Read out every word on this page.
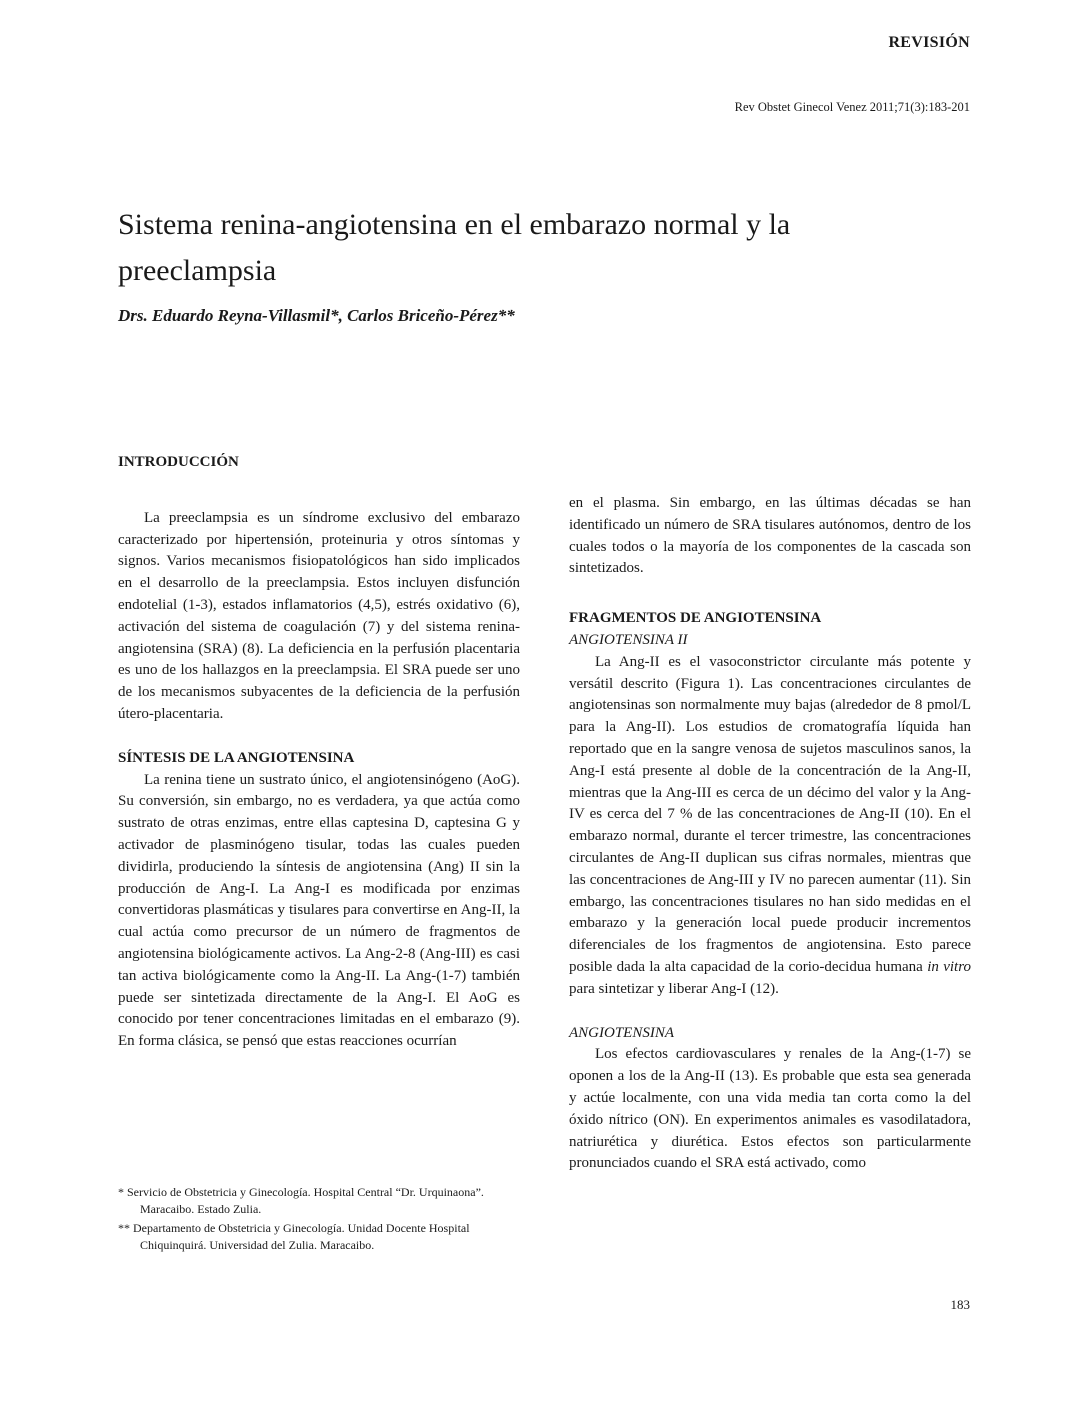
REVISIÓN
Rev Obstet Ginecol Venez 2011;71(3):183-201
Sistema renina-angiotensina en el embarazo normal y la preeclampsia
Drs. Eduardo Reyna-Villasmil*, Carlos Briceño-Pérez**
INTRODUCCIÓN

La preeclampsia es un síndrome exclusivo del embarazo caracterizado por hipertensión, proteinuria y otros síntomas y signos. Varios mecanismos fisiopatológicos han sido implicados en el desarrollo de la preeclampsia. Estos incluyen disfunción endotelial (1-3), estados inflamatorios (4,5), estrés oxidativo (6), activación del sistema de coagulación (7) y del sistema renina-angiotensina (SRA) (8). La deficiencia en la perfusión placentaria es uno de los hallazgos en la preeclampsia. El SRA puede ser uno de los mecanismos subyacentes de la deficiencia de la perfusión útero-placentaria.

SÍNTESIS DE LA ANGIOTENSINA

La renina tiene un sustrato único, el angiotensinógeno (AoG). Su conversión, sin embargo, no es verdadera, ya que actúa como sustrato de otras enzimas, entre ellas captesina D, captesina G y activador de plasminógeno tisular, todas las cuales pueden dividirla, produciendo la síntesis de angiotensina (Ang) II sin la producción de Ang-I. La Ang-I es modificada por enzimas convertidoras plasmáticas y tisulares para convertirse en Ang-II, la cual actúa como precursor de un número de fragmentos de angiotensina biológicamente activos. La Ang-2-8 (Ang-III) es casi tan activa biológicamente como la Ang-II. La Ang-(1-7) también puede ser sintetizada directamente de la Ang-I. El AoG es conocido por tener concentraciones limitadas en el embarazo (9). En forma clásica, se pensó que estas reacciones ocurrían

en el plasma. Sin embargo, en las últimas décadas se han identificado un número de SRA tisulares autónomos, dentro de los cuales todos o la mayoría de los componentes de la cascada son sintetizados.

FRAGMENTOS DE ANGIOTENSINA
ANGIOTENSINA II

La Ang-II es el vasoconstrictor circulante más potente y versátil descrito (Figura 1). Las concentraciones circulantes de angiotensinas son normalmente muy bajas (alrededor de 8 pmol/L para la Ang-II). Los estudios de cromatografía líquida han reportado que en la sangre venosa de sujetos masculinos sanos, la Ang-I está presente al doble de la concentración de la Ang-II, mientras que la Ang-III es cerca de un décimo del valor y la Ang-IV es cerca del 7 % de las concentraciones de Ang-II (10). En el embarazo normal, durante el tercer trimestre, las concentraciones circulantes de Ang-II duplican sus cifras normales, mientras que las concentraciones de Ang-III y IV no parecen aumentar (11). Sin embargo, las concentraciones tisulares no han sido medidas en el embarazo y la generación local puede producir incrementos diferenciales de los fragmentos de angiotensina. Esto parece posible dada la alta capacidad de la corio-decidua humana in vitro para sintetizar y liberar Ang-I (12).

ANGIOTENSINA

Los efectos cardiovasculares y renales de la Ang-(1-7) se oponen a los de la Ang-II (13). Es probable que esta sea generada y actúe localmente, con una vida media tan corta como la del óxido nítrico (ON). En experimentos animales es vasodilatadora, natriurética y diurética. Estos efectos son particularmente pronunciados cuando el SRA está activado, como

* Servicio de Obstetricia y Ginecología. Hospital Central “Dr. Urquinaona”. Maracaibo. Estado Zulia.

** Departamento de Obstetricia y Ginecología. Unidad Docente Hospital Chiquinquirá. Universidad del Zulia. Maracaibo.

183
